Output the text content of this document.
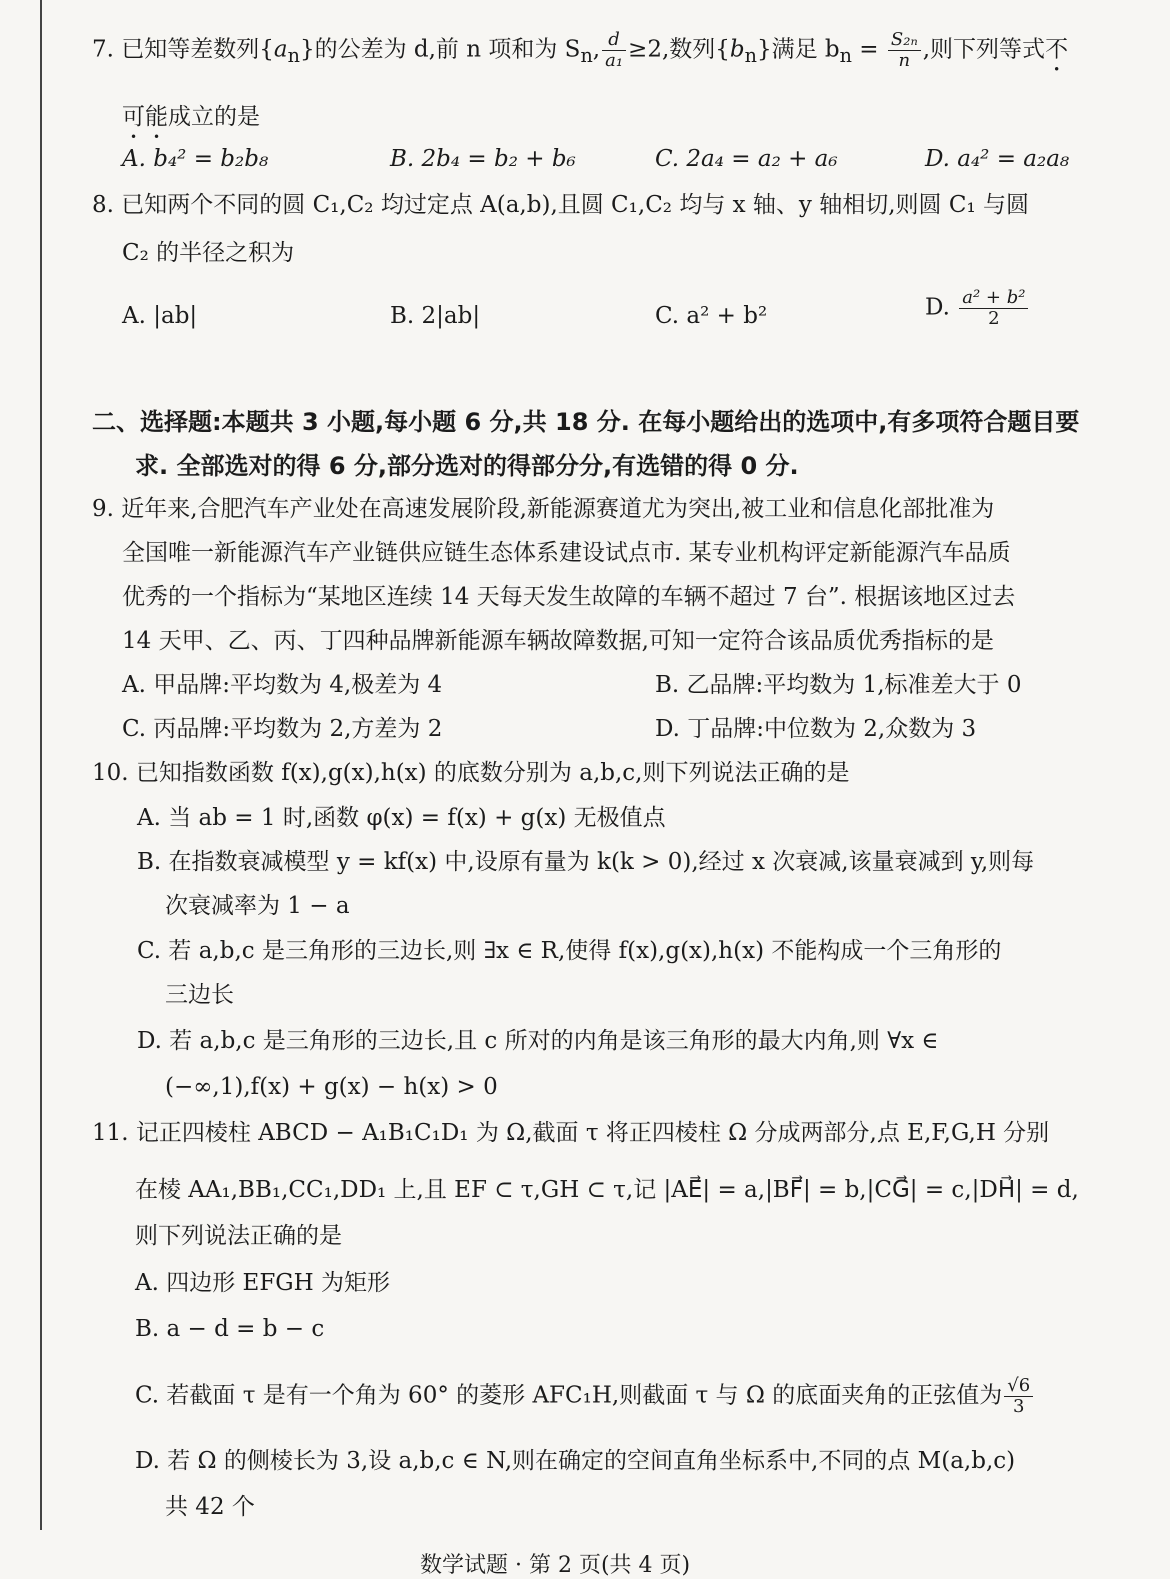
7. 已知等差数列$\{a_n\}$的公差为 d,前 n 项和为 $S_n$, $\frac{d}{\text{a₁}} \ge 2$,数列$\{b_n\}$满足 $b_n = \frac{\text{S₂ₙ}}{n}$ ,则下列等式不
可能成立的是
A. b₄² = b₂b₈	B. 2b₄ = b₂ + b₆	C. 2a₄ = a₂ + a₆	D. a₄² = a₂a₈
8. 已知两个不同的圆 C₁,C₂ 均过定点 A(a,b),且圆 C₁,C₂ 均与 x 轴、y 轴相切,则圆 C₁ 与圆
C₂ 的半径之积为
A. |ab|	B. 2|ab|	C. a² + b²	D. $\frac{\text{a² + b²}}{2}$
二、选择题:本题共 3 小题,每小题 6 分,共 18 分. 在每小题给出的选项中,有多项符合题目要
求. 全部选对的得 6 分,部分选对的得部分分,有选错的得 0 分.
9. 近年来,合肥汽车产业处在高速发展阶段,新能源赛道尤为突出,被工业和信息化部批准为
全国唯一新能源汽车产业链供应链生态体系建设试点市. 某专业机构评定新能源汽车品质
优秀的一个指标为“某地区连续 14 天每天发生故障的车辆不超过 7 台”. 根据该地区过去
14 天甲、乙、丙、丁四种品牌新能源车辆故障数据,可知一定符合该品质优秀指标的是
A. 甲品牌:平均数为 4,极差为 4	B. 乙品牌:平均数为 1,标准差大于 0
C. 丙品牌:平均数为 2,方差为 2	D. 丁品牌:中位数为 2,众数为 3
10. 已知指数函数 f(x),g(x),h(x) 的底数分别为 a,b,c,则下列说法正确的是
A. 当 ab = 1 时,函数 φ(x) = f(x) + g(x) 无极值点
B. 在指数衰减模型 y = kf(x) 中,设原有量为 k(k > 0),经过 x 次衰减,该量衰减到 y,则每
次衰减率为 1 − a
C. 若 a,b,c 是三角形的三边长,则 ∃x ∈ R,使得 f(x),g(x),h(x) 不能构成一个三角形的
三边长
D. 若 a,b,c 是三角形的三边长,且 c 所对的内角是该三角形的最大内角,则 ∀x ∈
(−∞,1),f(x) + g(x) − h(x) > 0
11. 记正四棱柱 ABCD − A₁B₁C₁D₁ 为 Ω,截面 τ 将正四棱柱 Ω 分成两部分,点 E,F,G,H 分别
在棱 AA₁,BB₁,CC₁,DD₁ 上,且 EF ⊂ τ,GH ⊂ τ,记 |AE⃗| = a,|BF⃗| = b,|CG⃗| = c,|DH⃗| = d,
则下列说法正确的是
A. 四边形 EFGH 为矩形
B. a − d = b − c
C. 若截面 τ 是有一个角为 60° 的菱形 AFC₁H,则截面 τ 与 Ω 的底面夹角的正弦值为 $\frac{√6}{3}$
D. 若 Ω 的侧棱长为 3,设 a,b,c ∈ N,则在确定的空间直角坐标系中,不同的点 M(a,b,c)
共 42 个
数学试题 · 第 2 页(共 4 页)
